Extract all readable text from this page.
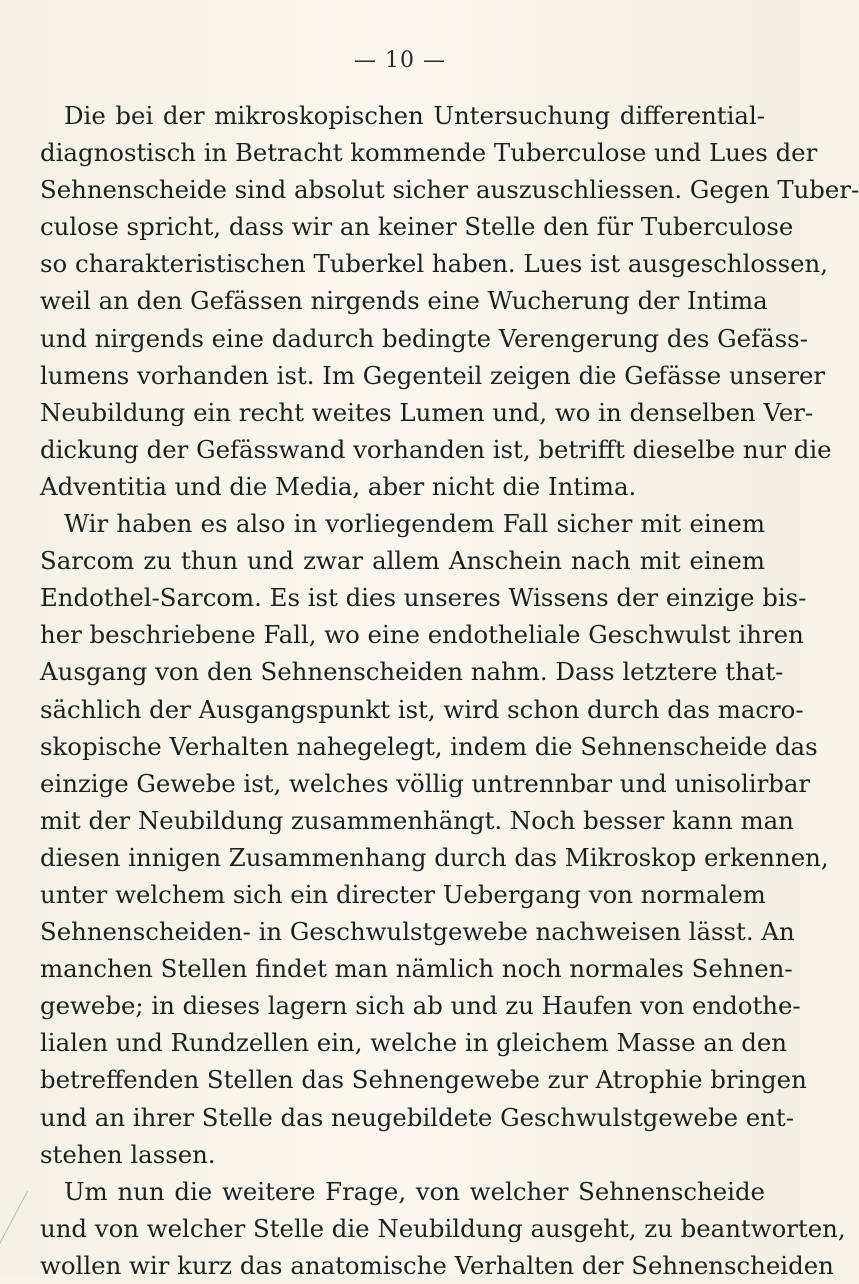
— 10 —
Die bei der mikroskopischen Untersuchung differential-
diagnostisch in Betracht kommende Tuberculose und Lues der
Sehnenscheide sind absolut sicher auszuschliessen. Gegen Tuber-
culose spricht, dass wir an keiner Stelle den für Tuberculose
so charakteristischen Tuberkel haben. Lues ist ausgeschlossen,
weil an den Gefässen nirgends eine Wucherung der Intima
und nirgends eine dadurch bedingte Verengerung des Gefäss-
lumens vorhanden ist. Im Gegenteil zeigen die Gefässe unserer
Neubildung ein recht weites Lumen und, wo in denselben Ver-
dickung der Gefässwand vorhanden ist, betrifft dieselbe nur die
Adventitia und die Media, aber nicht die Intima.
Wir haben es also in vorliegendem Fall sicher mit einem
Sarcom zu thun und zwar allem Anschein nach mit einem
Endothel-Sarcom. Es ist dies unseres Wissens der einzige bis-
her beschriebene Fall, wo eine endotheliale Geschwulst ihren
Ausgang von den Sehnenscheiden nahm. Dass letztere that-
sächlich der Ausgangspunkt ist, wird schon durch das macro-
skopische Verhalten nahegelegt, indem die Sehnenscheide das
einzige Gewebe ist, welches völlig untrennbar und unisolirbar
mit der Neubildung zusammenhängt. Noch besser kann man
diesen innigen Zusammenhang durch das Mikroskop erkennen,
unter welchem sich ein directer Uebergang von normalem
Sehnenscheiden- in Geschwulstgewebe nachweisen lässt. An
manchen Stellen findet man nämlich noch normales Sehnen-
gewebe; in dieses lagern sich ab und zu Haufen von endothe-
lialen und Rundzellen ein, welche in gleichem Masse an den
betreffenden Stellen das Sehnengewebe zur Atrophie bringen
und an ihrer Stelle das neugebildete Geschwulstgewebe ent-
stehen lassen.
Um nun die weitere Frage, von welcher Sehnenscheide
und von welcher Stelle die Neubildung ausgeht, zu beantworten,
wollen wir kurz das anatomische Verhalten der Sehnenscheiden
